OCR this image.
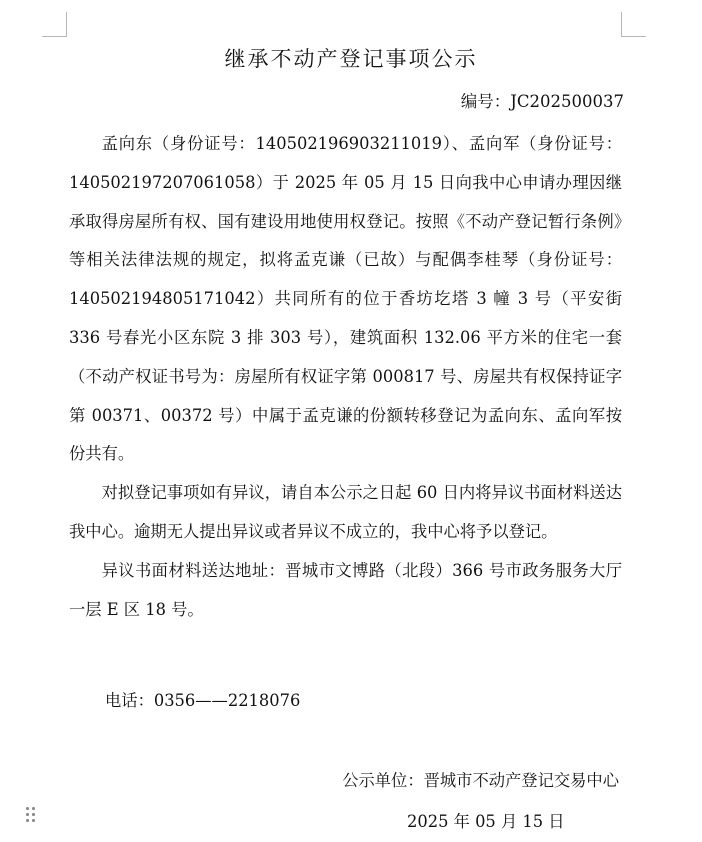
继承不动产登记事项公示
编号：JC202500037

孟向东（身份证号：140502196903211019）、孟向军（身份证号：140502197207061058）于 2025 年 05 月 15 日向我中心申请办理因继承取得房屋所有权、国有建设用地使用权登记。按照《不动产登记暂行条例》等相关法律法规的规定，拟将孟克谦（已故）与配偶李桂琴（身份证号：140502194805171042）共同所有的位于香坊圪塔 3 幢 3 号（平安街 336 号春光小区东院 3 排 303 号），建筑面积 132.06 平方米的住宅一套（不动产权证书号为：房屋所有权证字第 000817 号、房屋共有权保持证字第 00371、00372 号）中属于孟克谦的份额转移登记为孟向东、孟向军按份共有。

对拟登记事项如有异议，请自本公示之日起 60 日内将异议书面材料送达我中心。逾期无人提出异议或者异议不成立的，我中心将予以登记。

异议书面材料送达地址：晋城市文博路（北段）366 号市政务服务大厅一层 E 区 18 号。

电话：0356——2218076
公示单位：晋城市不动产登记交易中心
2025 年 05 月 15 日
